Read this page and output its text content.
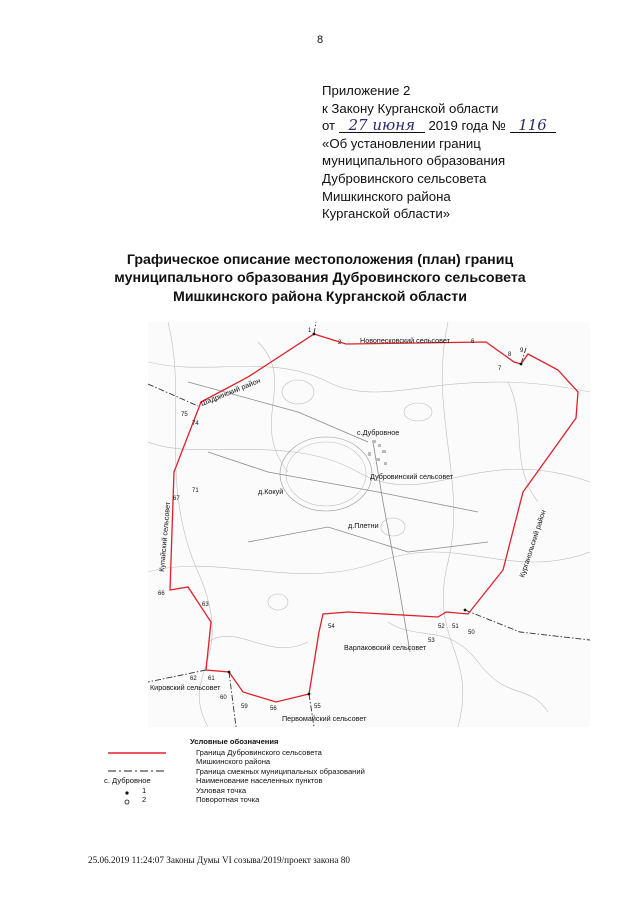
8
Приложение 2
к Закону Курганской области
от 27 июня 2019 года № 116
«Об установлении границ
муниципального образования
Дубровинского сельсовета
Мишкинского района
Курганской области»
Графическое описание местоположения (план) границ
муниципального образования Дубровинского сельсовета
Мишкинского района Курганской области
1
2	6
7
8
9
75
74
71
67
66
63
62 61
60
59	56	55
54
53
52 51
50
Новопесковский сельсовет
Шадринский район
Дубровинский сельсовет
Курганольский район
Купайский сельсовет
Варлаковский сельсовет
Кировский сельсовет
Первомайский сельсовет
с.Дубровное
д.Кокуй
д.Плетни
Условные обозначения
Граница Дубровинского сельсовета
Мишкинского района
Граница смежных муниципальных образований
с. Дубровное	Наименование населенных пунктов
1	Узловая точка
2	Поворотная точка
25.06.2019 11:24:07 Законы Думы VI созыва/2019/проект закона 80
